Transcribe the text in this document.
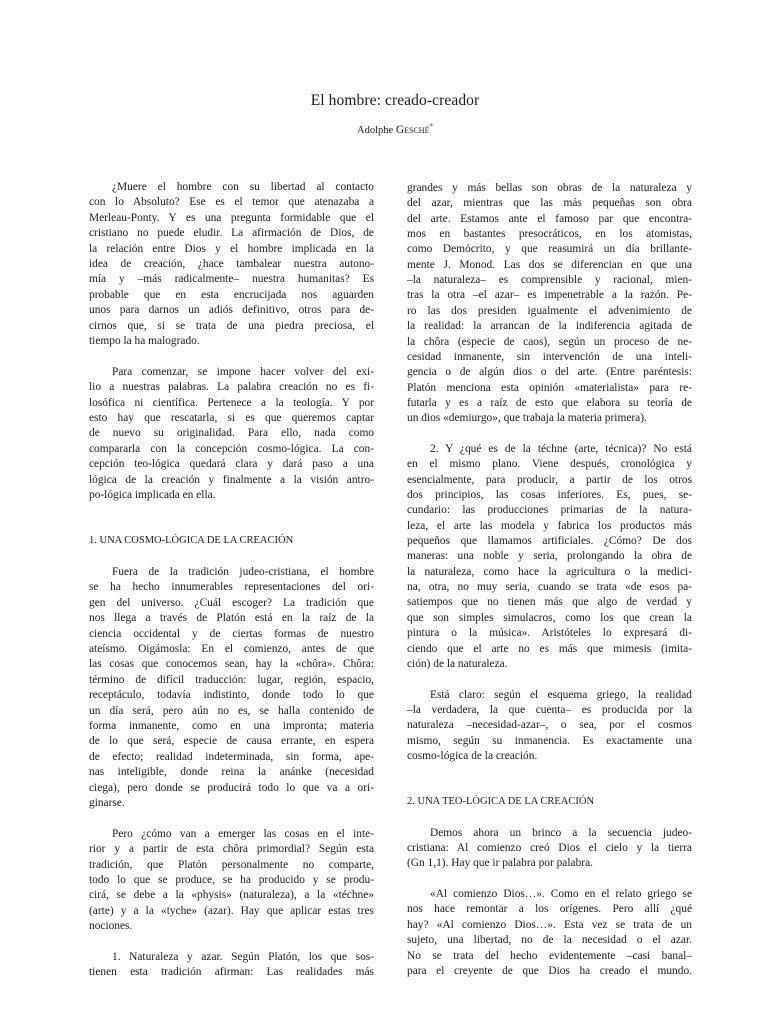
El hombre: creado-creador
Adolphe Gesché*
¿Muere el hombre con su libertad al contacto
con lo Absoluto? Ese es el temor que atenazaba a
Merleau-Ponty. Y es una pregunta formidable que el
cristiano no puede eludir. La afirmación de Dios, de
la relación entre Dios y el hombre implicada en la
idea de creación, ¿hace tambalear nuestra autono-
mía y –más radicalmente– nuestra humanitas? Es
probable que en esta encrucijada nos aguarden
unos para darnos un adiós definitivo, otros para de-
cirnos que, si se trata de una piedra preciosa, el
tiempo la ha malogrado.
Para comenzar, se impone hacer volver del exi-
lio a nuestras palabras. La palabra creación no es fi-
losófica ni científica. Pertenece a la teología. Y por
esto hay que rescatarla, si es que queremos captar
de nuevo su originalidad. Para ello, nada como
compararla con la concepción cosmo-lógica. La con-
cepción teo-lógica quedará clara y dará paso a una
lógica de la creación y finalmente a la visión antro-
po-lógica implicada en ella.
1. UNA COSMO-LÓGICA DE LA CREACIÓN
Fuera de la tradición judeo-cristiana, el hombre
se ha hecho innumerables representaciones del ori-
gen del universo. ¿Cuál escoger? La tradición que
nos llega a través de Platón está en la raíz de la
ciencia occidental y de ciertas formas de nuestro
ateísmo. Oigámosla: En el comienzo, antes de que
las cosas que conocemos sean, hay la «chôra». Chôra:
término de difícil traducción: lugar, región, espacio,
receptáculo, todavía indistinto, donde todo lo que
un día será, pero aún no es, se halla contenido de
forma inmanente, como en una impronta; materia
de lo que será, especie de causa errante, en espera
de efecto; realidad indeterminada, sin forma, ape-
nas inteligible, donde reina la anánke (necesidad
ciega), pero donde se producirá todo lo que va a ori-
ginarse.
Pero ¿cómo van a emerger las cosas en el inte-
rior y a partir de esta chôra primordial? Según esta
tradición, que Platón personalmente no comparte,
todo lo que se produce, se ha producido y se produ-
cirá, se debe a la «physis» (naturaleza), a la «téchne»
(arte) y a la «tyche» (azar). Hay que aplicar estas tres
nociones.
1. Naturaleza y azar. Según Platón, los que sos-
tienen esta tradición afirman: Las realidades más
grandes y más bellas son obras de la naturaleza y
del azar, mientras que las más pequeñas son obra
del arte. Estamos ante el famoso par que encontra-
mos en bastantes presocráticos, en los atomistas,
como Demócrito, y que reasumirá un día brillante-
mente J. Monod. Las dos se diferencian en que una
–la naturaleza– es comprensible y racional, mien-
tras la otra –el azar– es impenetrable a la razón. Pe-
ro las dos presiden igualmente el advenimiento de
la realidad: la arrancan de la indiferencia agitada de
la chôra (especie de caos), según un proceso de ne-
cesidad inmanente, sin intervención de una inteli-
gencia o de algún dios o del arte. (Entre paréntesis:
Platón menciona esta opinión «materialista» para re-
futarla y es a raíz de esto que elabora su teoría de
un dios «demiurgo», que trabaja la materia primera).
2. Y ¿qué es de la téchne (arte, técnica)? No está
en el mismo plano. Viene después, cronológica y
esencialmente, para producir, a partir de los otros
dos principios, las cosas inferiores. Es, pues, se-
cundario: las producciones primarias de la natura-
leza, el arte las modela y fabrica los productos más
pequeños que llamamos artificiales. ¿Cómo? De dos
maneras: una noble y seria, prolongando la obra de
la naturaleza, como hace la agricultura o la medici-
na, otra, no muy seria, cuando se trata «de esos pa-
satiempos que no tienen más que algo de verdad y
que son simples simulacros, como los que crean la
pintura o la música». Aristóteles lo expresará di-
ciendo que el arte no es más que mimesis (imita-
ción) de la naturaleza.
Está claro: según el esquema griego, la realidad
–la verdadera, la que cuenta– es producida por la
naturaleza –necesidad-azar–, o sea, por el cosmos
mismo, según su inmanencia. Es exactamente una
cosmo-lógica de la creación.
2. UNA TEO-LÓGICA DE LA CREACIÓN
Demos ahora un brinco a la secuencia judeo-
cristiana: Al comienzo creó Dios el cielo y la tierra
(Gn 1,1). Hay que ir palabra por palabra.
«Al comienzo Dios…». Como en el relato griego se
nos hace remontar a los orígenes. Pero allí ¿qué
hay? «Al comienzo Dios…». Esta vez se trata de un
sujeto, una libertad, no de la necesidad o el azar.
No se trata del hecho evidentemente –casi banal–
para el creyente de que Dios ha creado el mundo.
